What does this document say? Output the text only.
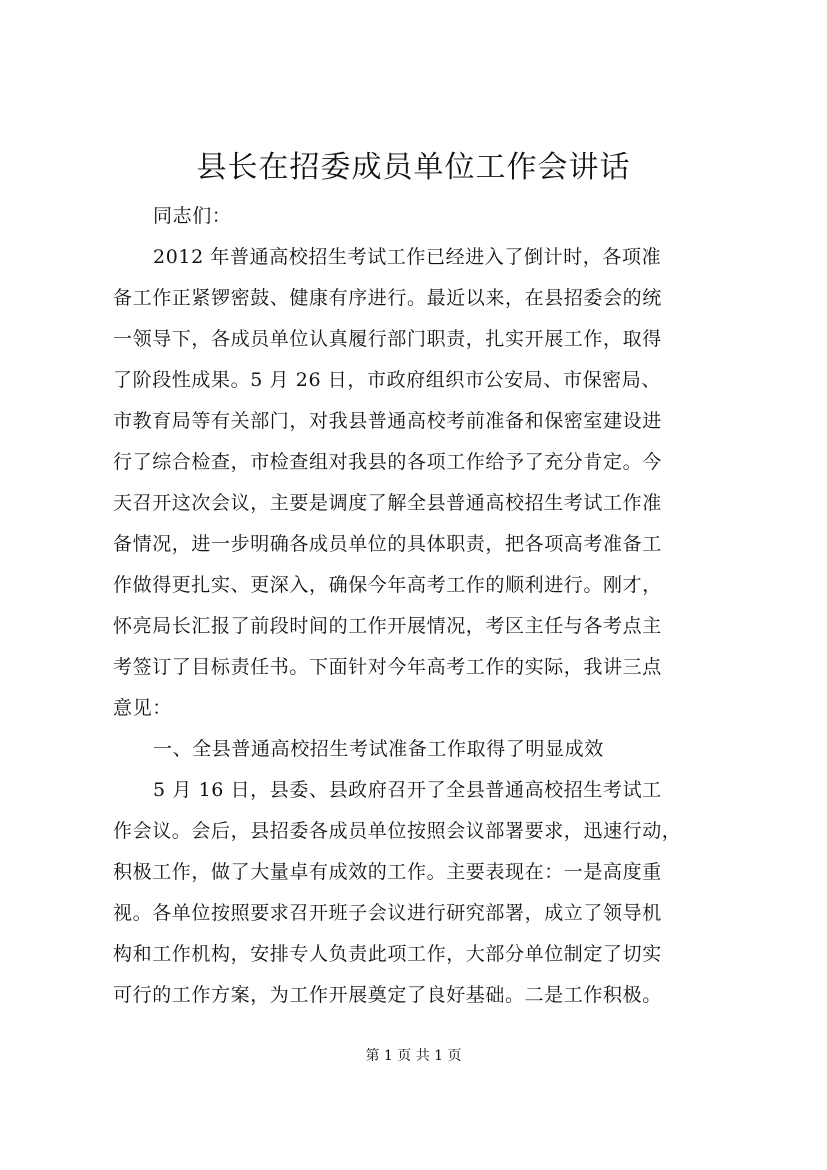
县长在招委成员单位工作会讲话
同志们：
2012 年普通高校招生考试工作已经进入了倒计时，各项准
备工作正紧锣密鼓、健康有序进行。最近以来，在县招委会的统
一领导下，各成员单位认真履行部门职责，扎实开展工作，取得
了阶段性成果。5 月 26 日，市政府组织市公安局、市保密局、
市教育局等有关部门，对我县普通高校考前准备和保密室建设进
行了综合检查，市检查组对我县的各项工作给予了充分肯定。今
天召开这次会议，主要是调度了解全县普通高校招生考试工作准
备情况，进一步明确各成员单位的具体职责，把各项高考准备工
作做得更扎实、更深入，确保今年高考工作的顺利进行。刚才，
怀亮局长汇报了前段时间的工作开展情况，考区主任与各考点主
考签订了目标责任书。下面针对今年高考工作的实际，我讲三点
意见：
一、全县普通高校招生考试准备工作取得了明显成效
5 月 16 日，县委、县政府召开了全县普通高校招生考试工
作会议。会后，县招委各成员单位按照会议部署要求，迅速行动，
积极工作，做了大量卓有成效的工作。主要表现在：一是高度重
视。各单位按照要求召开班子会议进行研究部署，成立了领导机
构和工作机构，安排专人负责此项工作，大部分单位制定了切实
可行的工作方案，为工作开展奠定了良好基础。二是工作积极。
第 1 页 共 1 页
